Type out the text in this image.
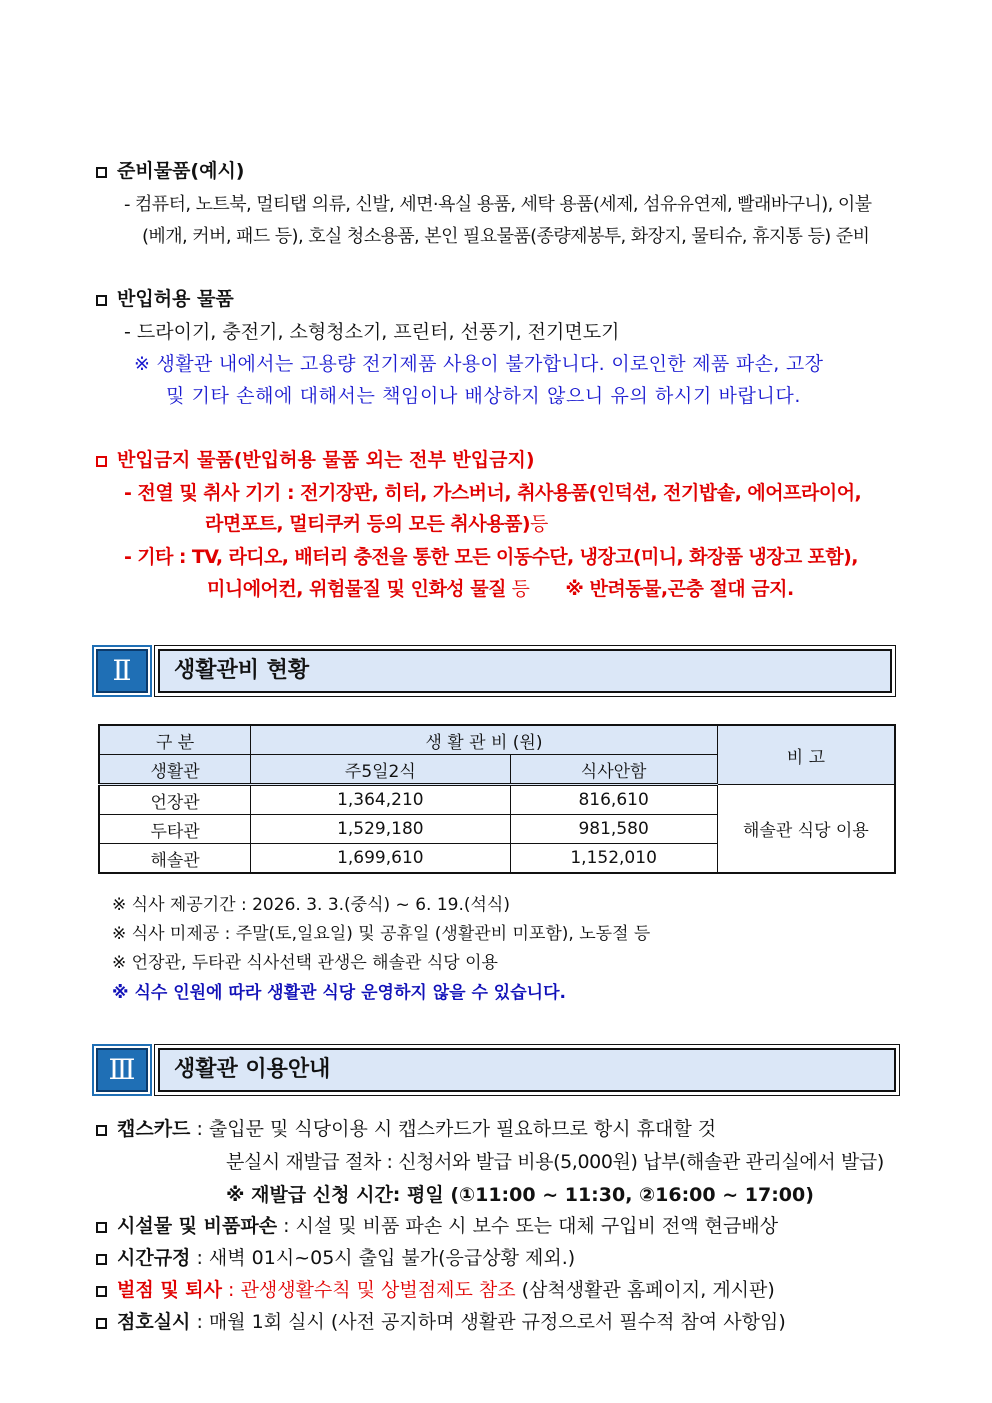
준비물품(예시)
- 컴퓨터, 노트북, 멀티탭 의류, 신발, 세면·욕실 용품, 세탁 용품(세제, 섬유유연제, 빨래바구니), 이불
(베개, 커버, 패드 등), 호실 청소용품, 본인 필요물품(종량제봉투, 화장지, 물티슈, 휴지통 등) 준비
반입허용 물품
- 드라이기, 충전기, 소형청소기, 프린터, 선풍기, 전기면도기
※ 생활관 내에서는 고용량 전기제품 사용이 불가합니다. 이로인한 제품 파손, 고장
및 기타 손해에 대해서는 책임이나 배상하지 않으니 유의 하시기 바랍니다.
반입금지 물품(반입허용 물품 외는 전부 반입금지)
- 전열 및 취사 기기 : 전기장판, 히터, 가스버너, 취사용품(인덕션, 전기밥솥, 에어프라이어,
라면포트, 멀티쿠커 등의 모든 취사용품)등
- 기타 : TV, 라디오, 배터리 충전을 통한 모든 이동수단, 냉장고(미니, 화장품 냉장고 포함),
미니에어컨, 위험물질 및 인화성 물질 등 ※ 반려동물,곤충 절대 금지.
Ⅱ	생활관비 현황
구 분	생 활 관 비 (원)		비 고
생활관	주5일2식	식사안함	
언장관	1,364,210	816,610	해솔관 식당 이용
두타관	1,529,180	981,580	
해솔관	1,699,610	1,152,010	
※ 식사 제공기간 : 2026. 3. 3.(중식) ~ 6. 19.(석식)
※ 식사 미제공 : 주말(토,일요일) 및 공휴일 (생활관비 미포함), 노동절 등
※ 언장관, 두타관 식사선택 관생은 해솔관 식당 이용
※ 식수 인원에 따라 생활관 식당 운영하지 않을 수 있습니다.
Ⅲ	생활관 이용안내
캡스카드 : 출입문 및 식당이용 시 캡스카드가 필요하므로 항시 휴대할 것
분실시 재발급 절차 : 신청서와 발급 비용(5,000원) 납부(해솔관 관리실에서 발급)
※ 재발급 신청 시간: 평일 (①11:00 ~ 11:30, ②16:00 ~ 17:00)
시설물 및 비품파손 : 시설 및 비품 파손 시 보수 또는 대체 구입비 전액 현금배상
시간규정 : 새벽 01시~05시 출입 불가(응급상황 제외.)
벌점 및 퇴사 : 관생생활수칙 및 상벌점제도 참조 (삼척생활관 홈페이지, 게시판)
점호실시 : 매월 1회 실시 (사전 공지하며 생활관 규정으로서 필수적 참여 사항임)
